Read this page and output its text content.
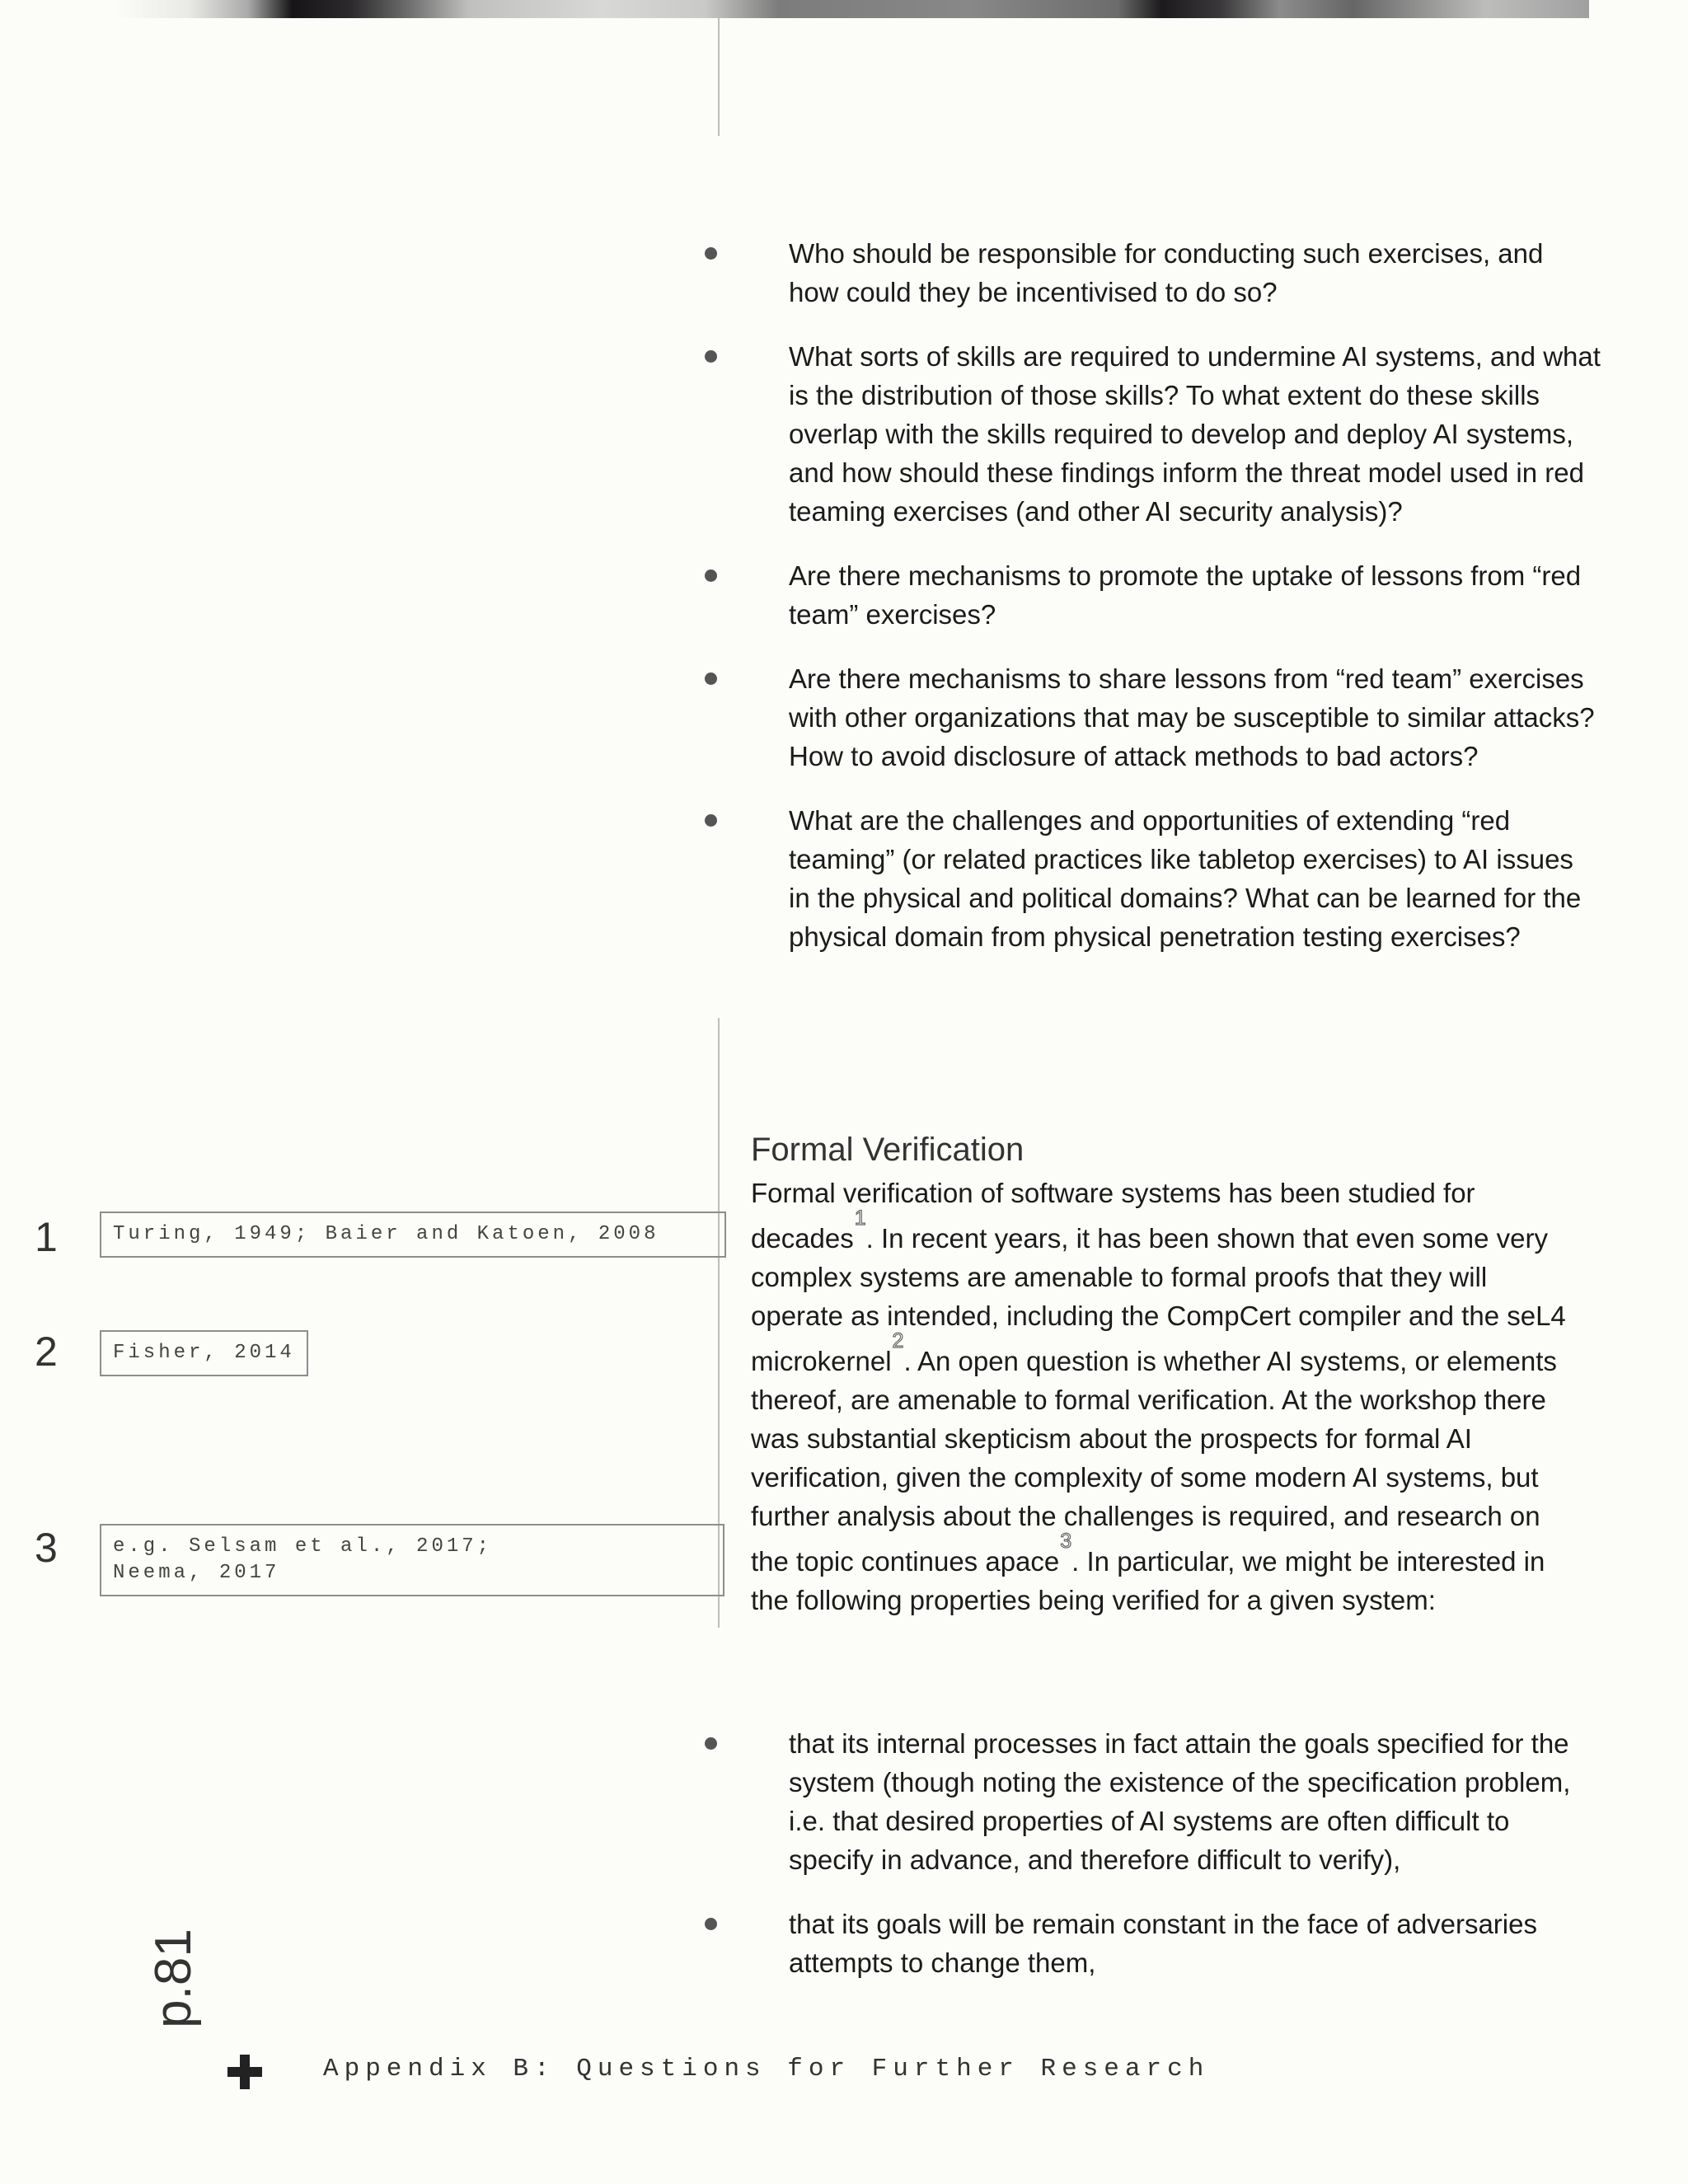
Who should be responsible for conducting such exercises, and how could they be incentivised to do so?
What sorts of skills are required to undermine AI systems, and what is the distribution of those skills? To what extent do these skills overlap with the skills required to develop and deploy AI systems, and how should these findings inform the threat model used in red teaming exercises (and other AI security analysis)?
Are there mechanisms to promote the uptake of lessons from “red team” exercises?
Are there mechanisms to share lessons from “red team” exercises with other organizations that may be susceptible to similar attacks? How to avoid disclosure of attack methods to bad actors?
What are the challenges and opportunities of extending “red teaming” (or related practices like tabletop exercises) to AI issues in the physical and political domains? What can be learned for the physical domain from physical penetration testing exercises?
Formal Verification

Formal verification of software systems has been studied for decades$^1$. In recent years, it has been shown that even some very complex systems are amenable to formal proofs that they will operate as intended, including the CompCert compiler and the seL4 microkernel$^2$. An open question is whether AI systems, or elements thereof, are amenable to formal verification. At the workshop there was substantial skepticism about the prospects for formal AI verification, given the complexity of some modern AI systems, but further analysis about the challenges is required, and research on the topic continues apace$^3$. In particular, we might be interested in the following properties being verified for a given system:

that its internal processes in fact attain the goals specified for the system (though noting the existence of the specification problem, i.e. that desired properties of AI systems are often difficult to specify in advance, and therefore difficult to verify),
that its goals will be remain constant in the face of adversaries attempts to change them,
1	Turing, 1949; Baier and Katoen, 2008
2	Fisher, 2014
3	e.g. Selsam et al., 2017;
Neema, 2017
p.81
Appendix B: Questions for Further Research
